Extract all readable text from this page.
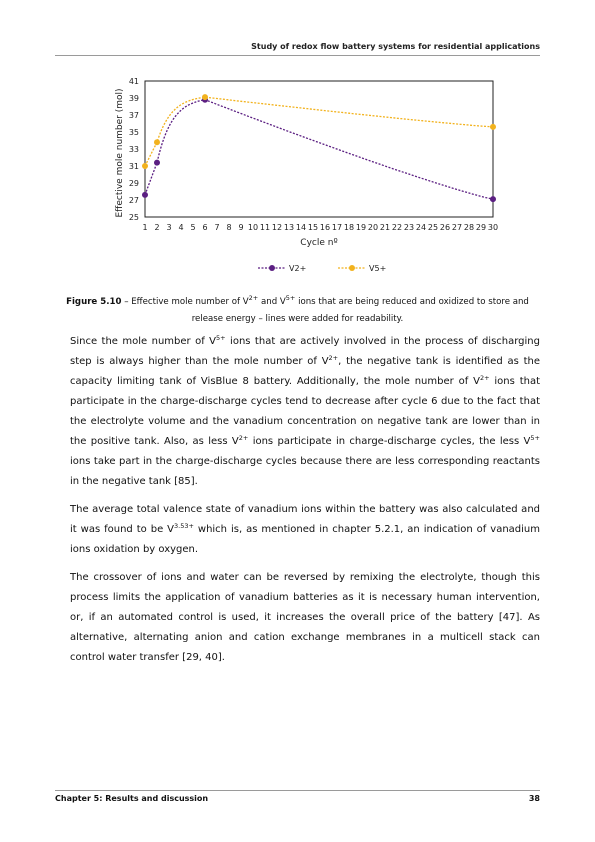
Study of redox flow battery systems for residential applications
25
27
29
31
33
35
37
39
41
1 2 3 4 5 6 7 8 9 10 11 12 13 14 15 16 17 18 19 20 21 22 23 24 25 26 27 28 29 30
Cycle nº
Effective mole number (mol)
V2+	V5+
Figure 5.10 – Effective mole number of $V^{2+}$ and $V^{5+}$ ions that are being reduced and oxidized to store and release energy – lines were added for readability.

Since the mole number of $V^{5+}$ ions that are actively involved in the process of discharging step is always higher than the mole number of $V^{2+}$, the negative tank is identified as the capacity limiting tank of VisBlue 8 battery. Additionally, the mole number of $V^{2+}$ ions that participate in the charge-discharge cycles tend to decrease after cycle 6 due to the fact that the electrolyte volume and the vanadium concentration on negative tank are lower than in the positive tank. Also, as less $V^{2+}$ ions participate in charge-discharge cycles, the less $V^{5+}$ ions take part in the charge-discharge cycles because there are less corresponding reactants in the negative tank [85].

The average total valence state of vanadium ions within the battery was also calculated and it was found to be $V^{3.53+}$ which is, as mentioned in chapter 5.2.1, an indication of vanadium ions oxidation by oxygen.

The crossover of ions and water can be reversed by remixing the electrolyte, though this process limits the application of vanadium batteries as it is necessary human intervention, or, if an automated control is used, it increases the overall price of the battery [47]. As alternative, alternating anion and cation exchange membranes in a multicell stack can control water transfer [29, 40].

Chapter 5: Results and discussion	38
